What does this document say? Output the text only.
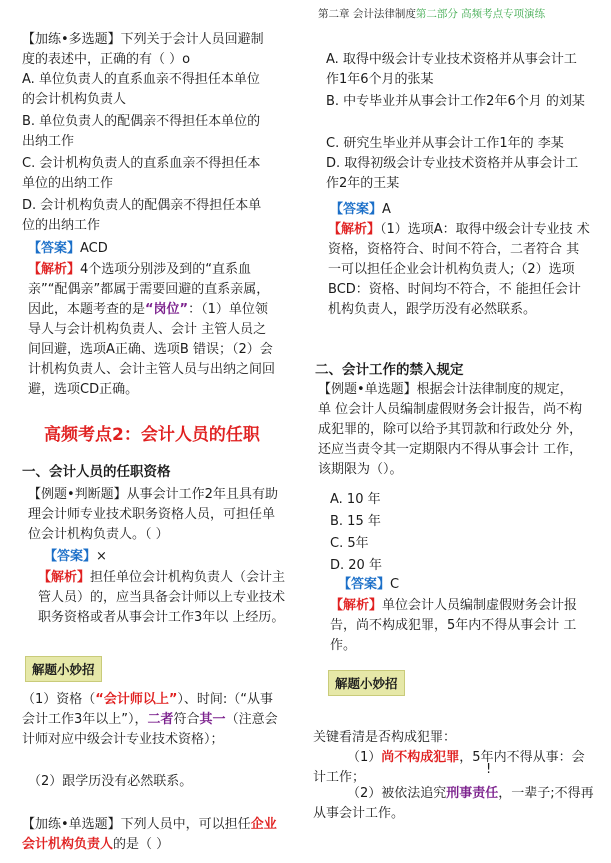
第二章 会计法律制度第二部分 高频考点专项演练

【加练•多选题】下列关于会计人员回避制度的表述中，正确的有（ ）o

A. 单位负责人的直系血亲不得担任本单位的会计机构负责人

B. 单位负责人的配偶亲不得担任本单位的出纳工作

C. 会计机构负责人的直系血亲不得担任本单位的出纳工作

D. 会计机构负责人的配偶亲不得担任本单位的出纳工作

【答案】ACD

【解析】4个选项分别涉及到的“直系血亲”“配偶亲”都属于需要回避的直系亲属，因此，本题考查的是“岗位”：（1）单位领导人与会计机构负责人、会计 主管人员之间回避，选项A正确、选项B 错误；（2）会计机构负责人、会计主管人员与出纳之间回避，选项CD正确。

高频考点2：会计人员的任职
一、会计人员的任职资格

【例题•判断题】从事会计工作2年且具有助理会计师专业技术职务资格人员，可担任单位会计机构负责人。（ ）

【答案】×

【解析】担任单位会计机构负责人（会计主管人员）的，应当具备会计师以上专业技术职务资格或者从事会计工作3年以 上经历。

解题小妙招

（1）资格（“会计师以上”）、时间:（“从事会计工作3年以上”），二者符合其一（注意会计师对应中级会计专业技术资格）；

（2）跟学历没有必然联系。

【加练•单选题】下列人员中，可以担任企业会计机构负责人的是（ ）

A. 取得中级会计专业技术资格并从事会计工作1年6个月的张某

B. 中专毕业并从事会计工作2年6个月 的刘某

C. 研究生毕业并从事会计工作1年的 李某

D. 取得初级会计专业技术资格并从事会计工作2年的王某

【答案】A

【解析】（1）选项A：取得中级会计专业技 术资格，资格符合、时间不符合，二者符合 其一可以担任企业会计机构负责人;（2）选项BCD：资格、时间均不符合，不 能担任会计机构负责人，跟学历没有必然联系。

二、会计工作的禁入规定

【例题•单选题】根据会计法律制度的规定，单 位会计人员编制虚假财务会计报告，尚不构 成犯罪的，除可以给予其罚款和行政处分 外，还应当责令其一定期限内不得从事会计 工作，该期限为（）。

A. 10 年

B. 15 年

C. 5年

D. 20 年

【答案】C

【解析】单位会计人员编制虚假财务会计报 告，尚不构成犯罪，5年内不得从事会计 工作。

解题小妙招

关键看清是否构成犯罪：

（1）尚不构成犯罪，5年内不得从事：会计工作；

!

（2）被依法追究刑事责任，一辈子;不得再从事会计工作。
